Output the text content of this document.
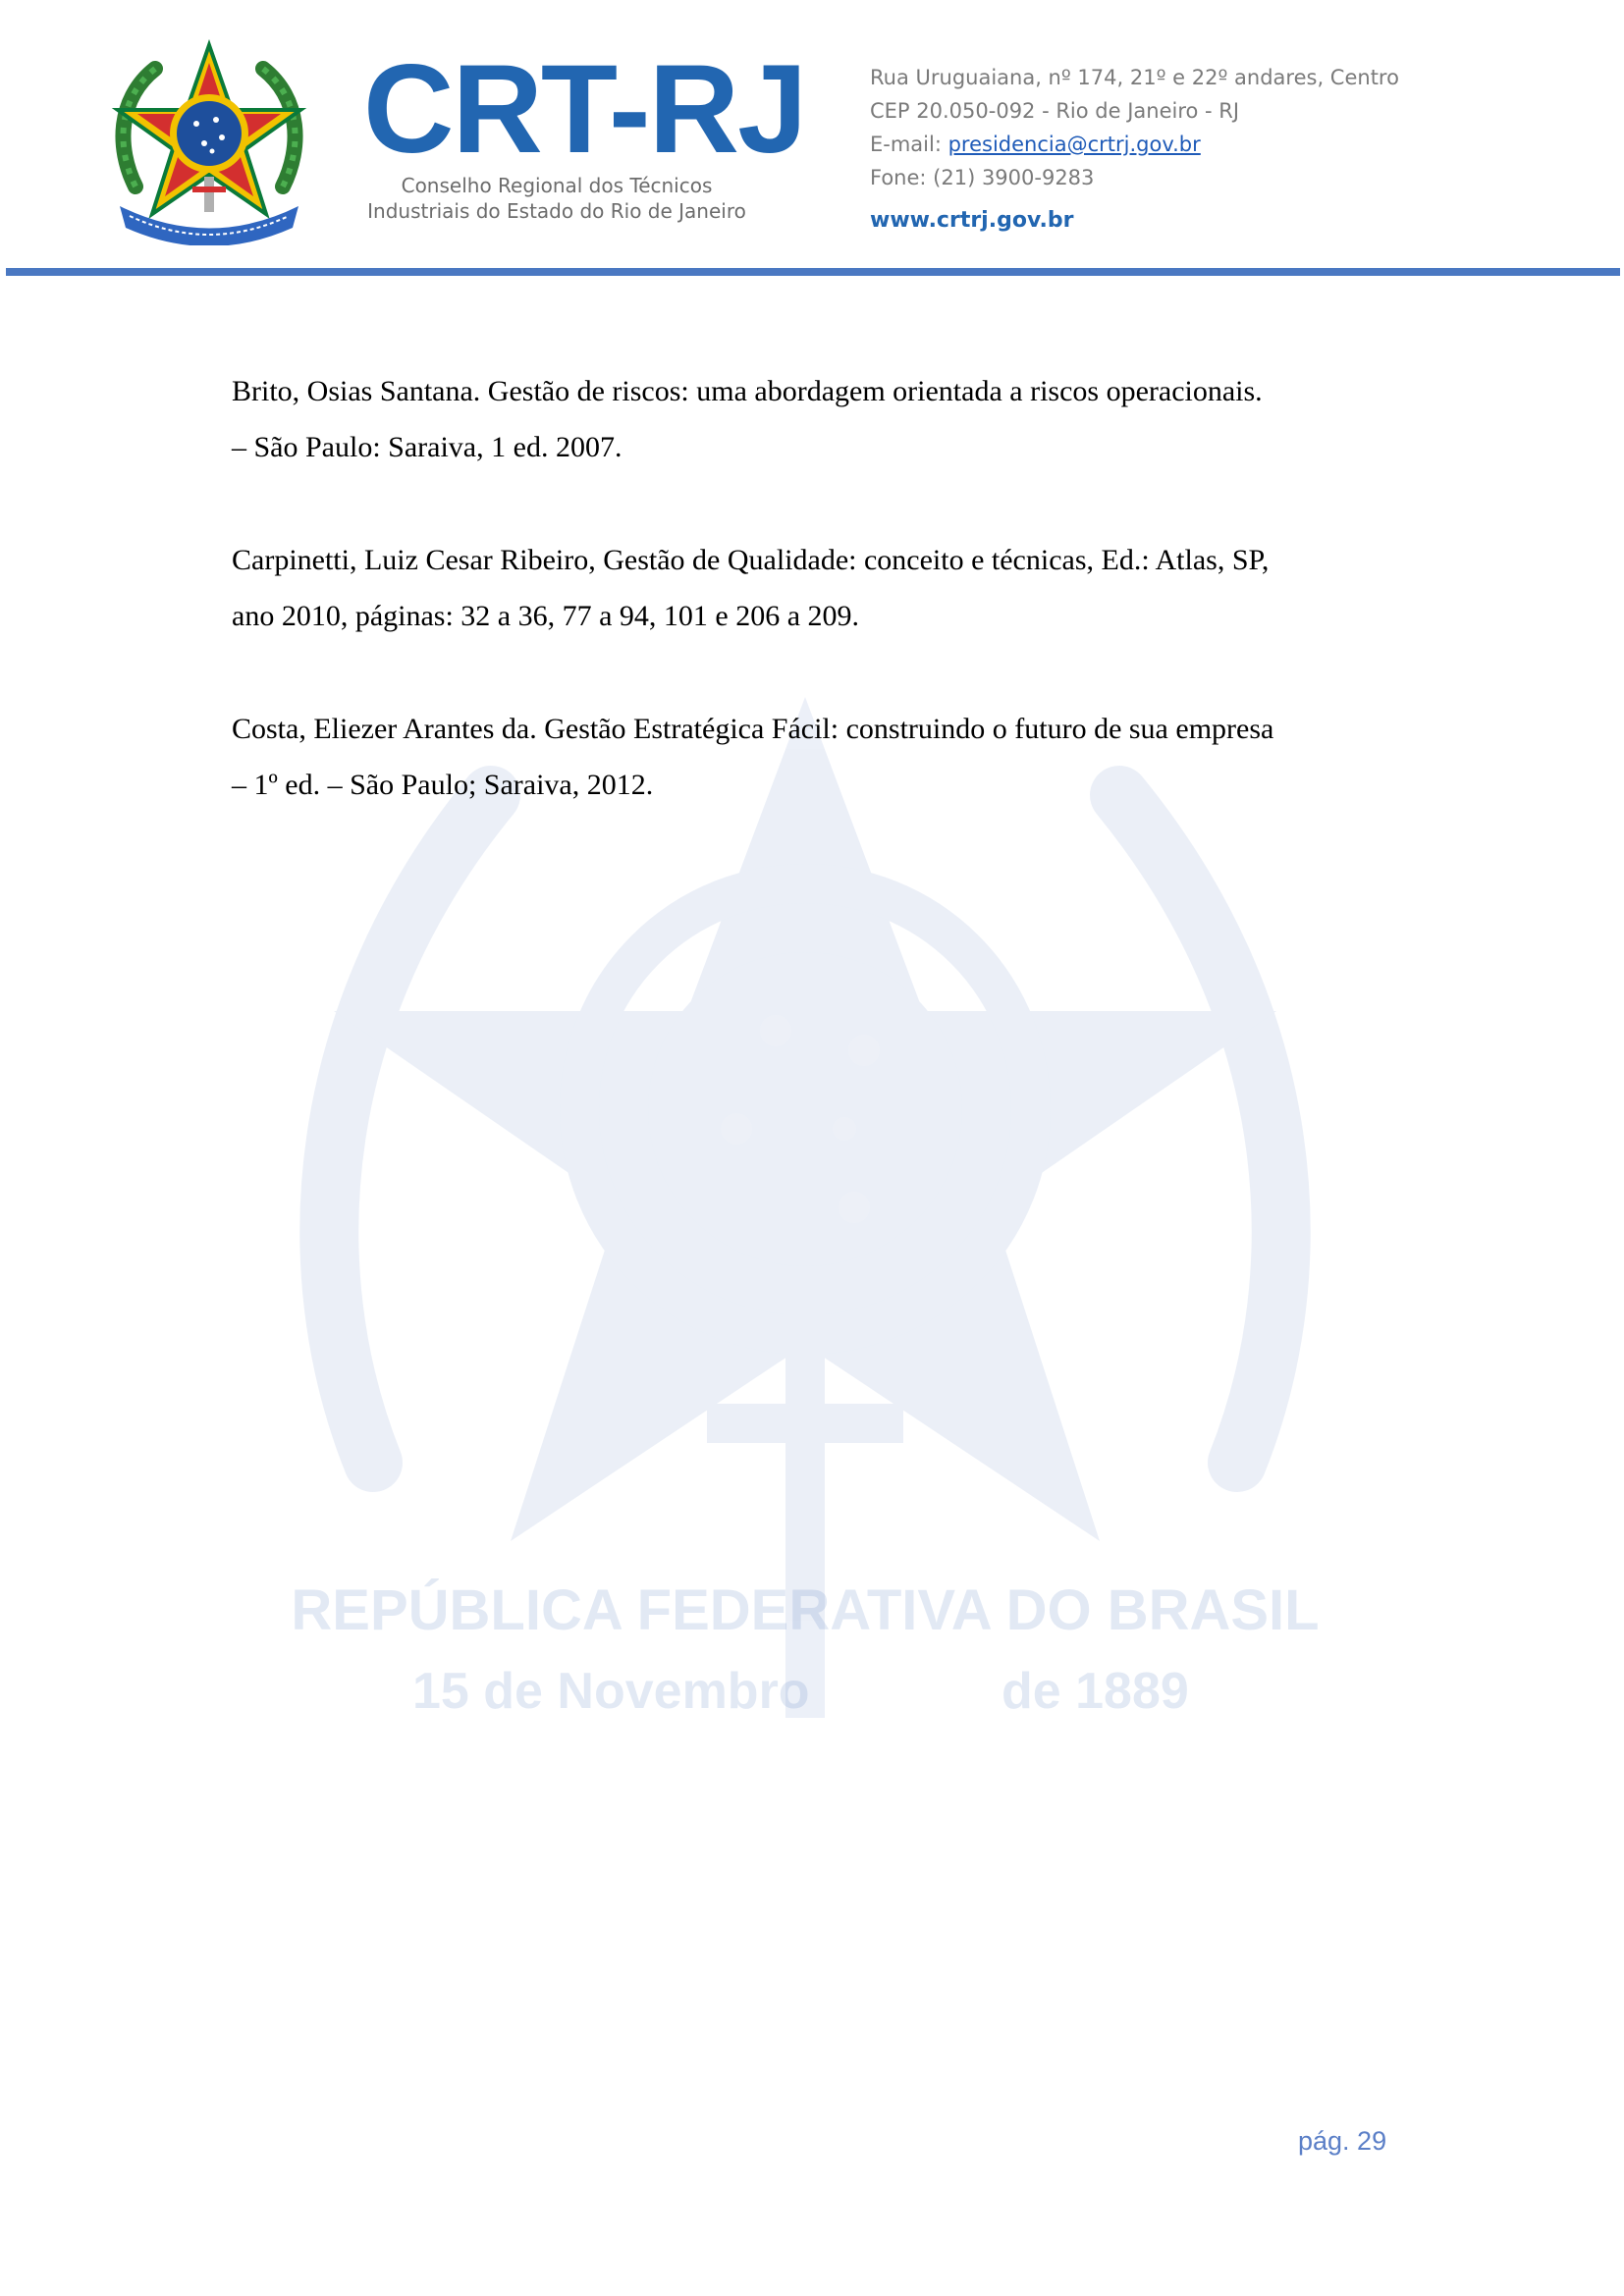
CRT-RJ
Conselho Regional dos Técnicos
Industriais do Estado do Rio de Janeiro
Rua Uruguaiana, nº 174, 21º e 22º andares, Centro
CEP 20.050-092 - Rio de Janeiro - RJ
E-mail: presidencia@crtrj.gov.br
Fone: (21) 3900-9283
www.crtrj.gov.br
REPÚBLICA FEDERATIVA DO BRASIL
15 de Novembro	de 1889
Brito, Osias Santana. Gestão de riscos: uma abordagem orientada a riscos operacionais.
– São Paulo: Saraiva, 1 ed. 2007.
Carpinetti, Luiz Cesar Ribeiro, Gestão de Qualidade: conceito e técnicas, Ed.: Atlas, SP,
ano 2010, páginas: 32 a 36, 77 a 94, 101 e 206 a 209.
Costa, Eliezer Arantes da. Gestão Estratégica Fácil: construindo o futuro de sua empresa
– 1º ed. – São Paulo; Saraiva, 2012.
pág. 29
